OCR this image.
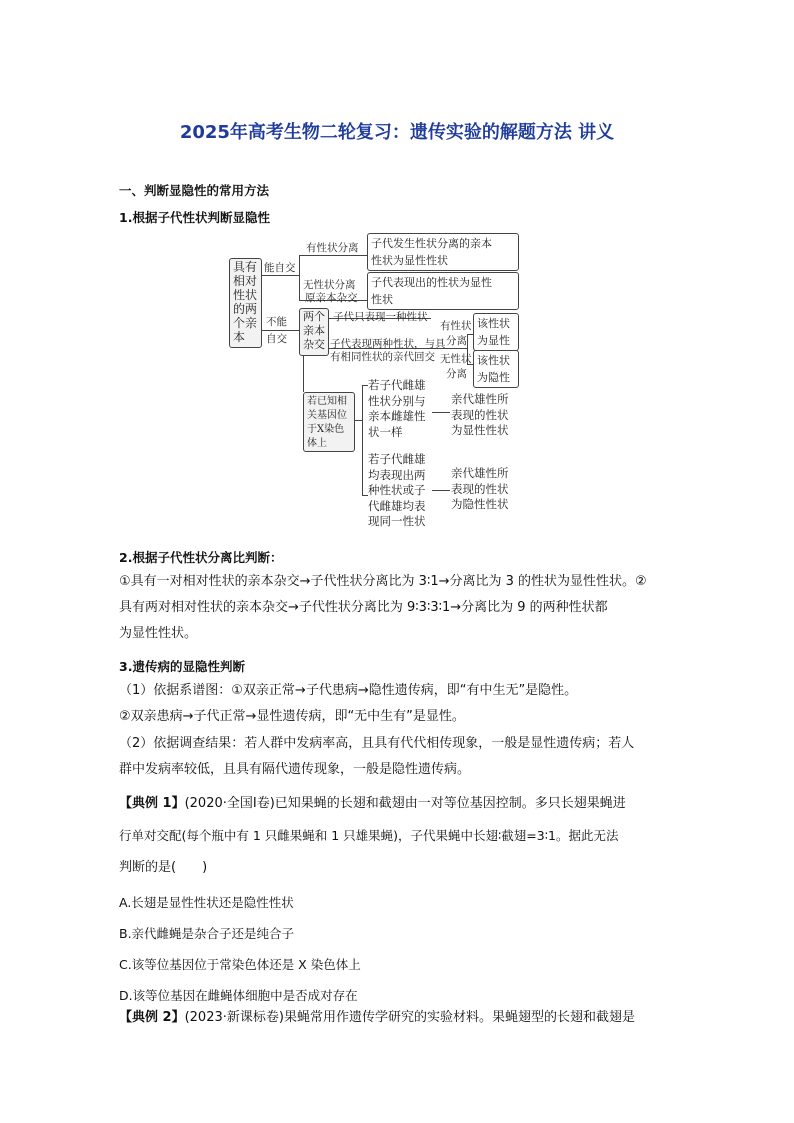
2025年高考生物二轮复习：遗传实验的解题方法 讲义
一、判断显隐性的常用方法
1.根据子代性状判断显隐性
具有
相对
性状
的两
个亲
本
能自交
不能
自交
有性状分离
无性状分离
原亲本杂交
子代发生性状分离的亲本
性状为显性性状
子代表现出的性状为显性
性状
两个
亲本
杂交
子代只表现一种性状
子代表现两种性状，与具
有相同性状的亲代回交
有性状
分离
无性状
分离
该性状
为显性
该性状
为隐性
若已知相
关基因位
于X染色
体上
若子代雌雄
性状分别与
亲本雌雄性
状一样
亲代雄性所
表现的性状
为显性性状
若子代雌雄
均表现出两
种性状或子
代雌雄均表
现同一性状
亲代雄性所
表现的性状
为隐性性状
2.根据子代性状分离比判断：
①具有一对相对性状的亲本杂交→子代性状分离比为 3∶1→分离比为 3 的性状为显性性状。②
具有两对相对性状的亲本杂交→子代性状分离比为 9∶3∶3∶1→分离比为 9 的两种性状都
为显性性状。
3.遗传病的显隐性判断
（1）依据系谱图：①双亲正常→子代患病→隐性遗传病，即“有中生无”是隐性。
②双亲患病→子代正常→显性遗传病，即“无中生有”是显性。
（2）依据调查结果：若人群中发病率高，且具有代代相传现象，一般是显性遗传病；若人
群中发病率较低，且具有隔代遗传现象，一般是隐性遗传病。
【典例 1】(2020·全国Ⅰ卷)已知果蝇的长翅和截翅由一对等位基因控制。多只长翅果蝇进
行单对交配(每个瓶中有 1 只雌果蝇和 1 只雄果蝇)，子代果蝇中长翅∶截翅=3∶1。据此无法
判断的是(　　)
A.长翅是显性性状还是隐性性状
B.亲代雌蝇是杂合子还是纯合子
C.该等位基因位于常染色体还是 X 染色体上
D.该等位基因在雌蝇体细胞中是否成对存在
【典例 2】(2023·新课标卷)果蝇常用作遗传学研究的实验材料。果蝇翅型的长翅和截翅是
